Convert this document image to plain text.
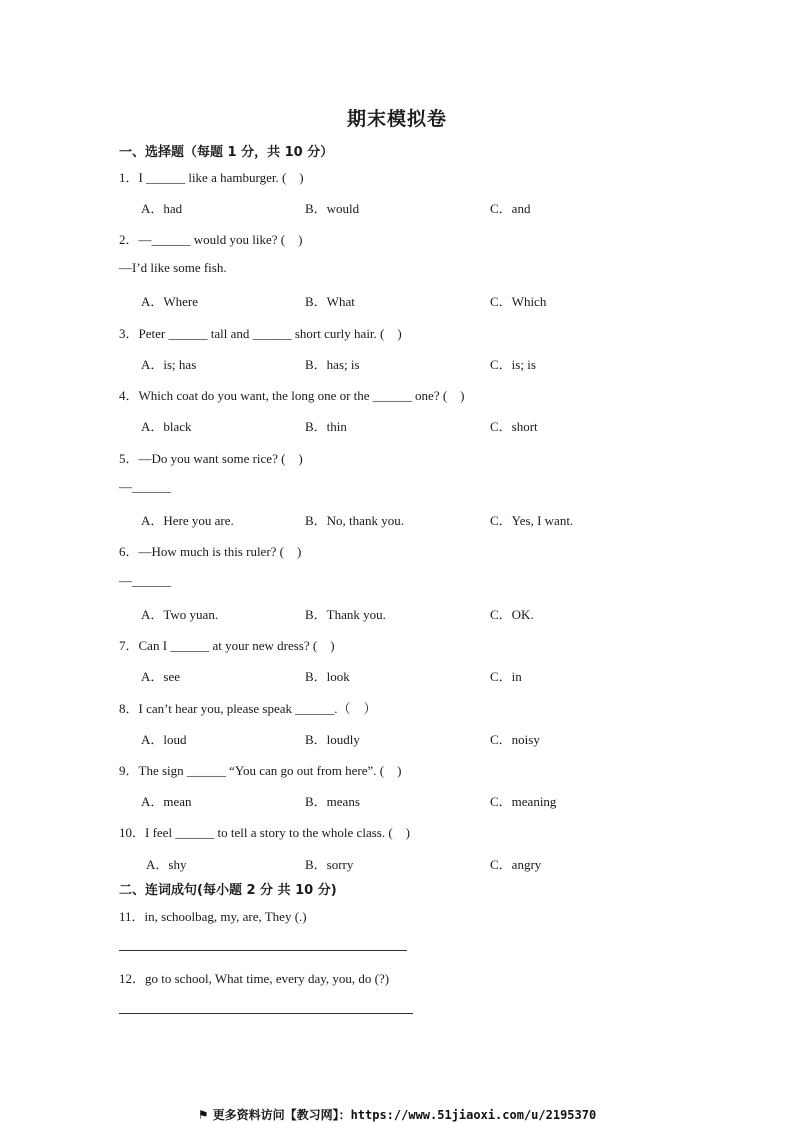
期末模拟卷
一、选择题（每题 1 分，共 10 分）
1．I ______ like a hamburger. (　)
A．had	B．would	C．and
2．—______ would you like? (　)
—I’d like some fish.
A．Where	B．What	C．Which
3．Peter ______ tall and ______ short curly hair. (　)
A．is; has	B．has; is	C．is; is
4．Which coat do you want, the long one or the ______ one? (　)
A．black	B．thin	C．short
5．—Do you want some rice? (　)
—______
A．Here you are.	B．No, thank you.	C．Yes, I want.
6．—How much is this ruler? (　)
—______
A．Two yuan.	B．Thank you.	C．OK.
7．Can I ______ at your new dress? (　)
A．see	B．look	C．in
8．I can’t hear you, please speak ______.（　）
A．loud	B．loudly	C．noisy
9．The sign ______ “You can go out from here”. (　)
A．mean	B．means	C．meaning
10．I feel ______ to tell a story to the whole class. (　)
A．shy	B．sorry	C．angry
二、连词成句(每小题 2 分 共 10 分)
11．in, schoolbag, my, are, They (.)
12．go to school, What time, every day, you, do (?)
⚑ 更多资料访问【教习网】：https://www.51jiaoxi.com/u/2195370
